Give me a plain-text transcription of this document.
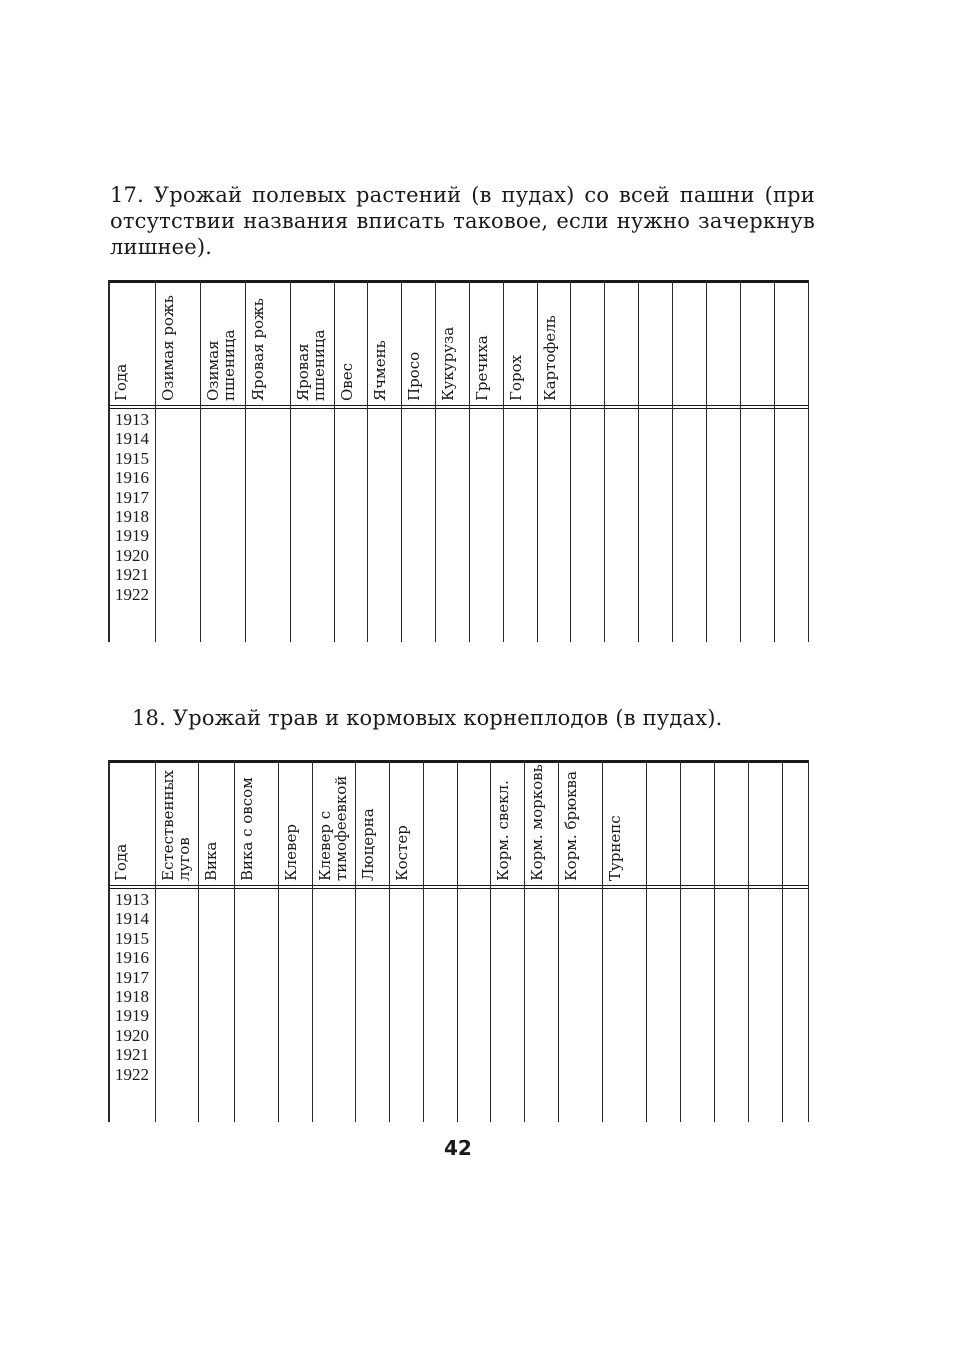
17. Урожай полевых растений (в пудах) со всей пашни (при отсутствии названия вписать таковое, если нужно зачеркнув лишнее).
1913
1914
1915
1916
1917
1918
1919
1920
1921
1922
Года Озимая рожь Озимая пшеница Яровая рожь Яровая пшеница Овес Ячмень Просо Кукуруза Гречиха Горох Картофель
18. Урожай трав и кормовых корнеплодов (в пудах).
1913
1914
1915
1916
1917
1918
1919
1920
1921
1922
Года Естественных лугов Вика Вика с овсом Клевер Клевер с тимофеевкой Люцерна Костер	Корм. свекл. Корм. морковь Корм. брюква Турнепс
42
